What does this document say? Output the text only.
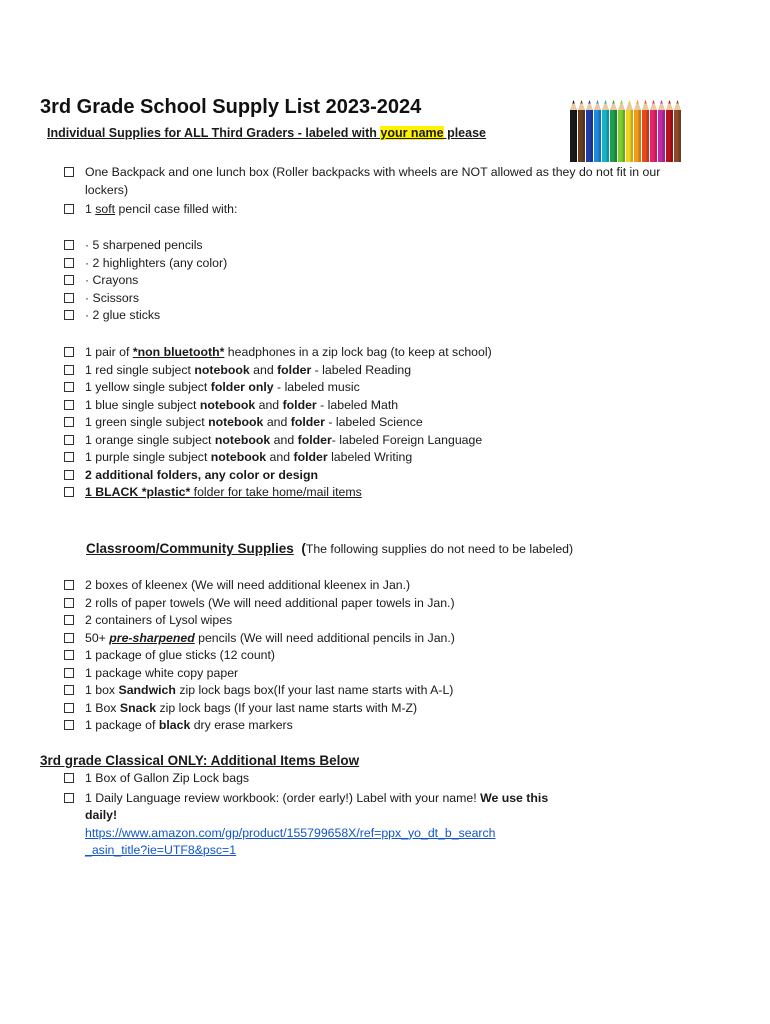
3rd Grade School Supply List 2023-2024
Individual Supplies for ALL Third Graders - labeled with your name please
One Backpack and one lunch box (Roller backpacks with wheels are NOT allowed as they do not fit in our lockers)
1 soft pencil case filled with:
· 5 sharpened pencils
· 2 highlighters (any color)
· Crayons
· Scissors
· 2 glue sticks
1 pair of *non bluetooth* headphones in a zip lock bag (to keep at school)
1 red single subject notebook and folder - labeled Reading
1 yellow single subject folder only - labeled music
1 blue single subject notebook and folder - labeled Math
1 green single subject notebook and folder - labeled Science
1 orange single subject notebook and folder- labeled Foreign Language
1 purple single subject notebook and folder labeled Writing
2 additional folders, any color or design
1 BLACK *plastic* folder for take home/mail items
Classroom/Community Supplies (The following supplies do not need to be labeled)
2 boxes of kleenex (We will need additional kleenex in Jan.)
2 rolls of paper towels (We will need additional paper towels in Jan.)
2 containers of Lysol wipes
50+ pre-sharpened pencils (We will need additional pencils in Jan.)
1 package of glue sticks (12 count)
1 package white copy paper
1 box Sandwich zip lock bags box(If your last name starts with A-L)
1 Box Snack zip lock bags (If your last name starts with M-Z)
1 package of black dry erase markers
3rd grade Classical ONLY: Additional Items Below
1 Box of Gallon Zip Lock bags
1 Daily Language review workbook: (order early!) Label with your name! We use this daily!
https://www.amazon.com/gp/product/155799658X/ref=ppx_yo_dt_b_search
_asin_title?ie=UTF8&psc=1
